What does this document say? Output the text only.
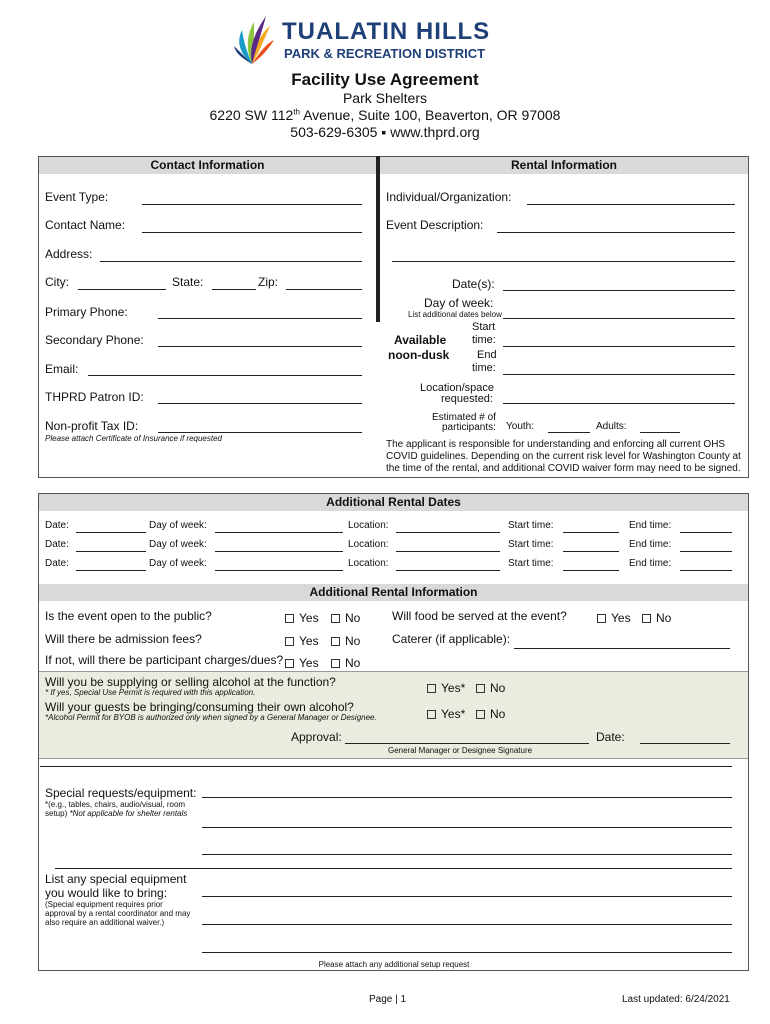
TUALATIN HILLS
PARK & RECREATION DISTRICT
Facility Use Agreement
Park Shelters
6220 SW 112th Avenue, Suite 100, Beaverton, OR 97008
503-629-6305 ▪ www.thprd.org
Contact Information	Rental Information
Event Type:
Contact Name:
Address:
City:	State:	Zip:
Primary Phone:
Secondary Phone:
Email:
THPRD Patron ID:
Non-profit Tax ID:
Please attach Certificate of Insurance if requested
Individual/Organization:
Event Description:
Date(s):
Day of week:
List additional dates below
Available
noon-dusk
Start
time:
End
time:
Location/space
requested:
Estimated # of
participants: Youth:	Adults:
The applicant is responsible for understanding and enforcing all current OHS
COVID guidelines. Depending on the current risk level for Washington County at
the time of the rental, and additional COVID waiver form may need to be signed.
Additional Rental Dates
Date:	Day of week:	Location:	Start time:	End time:
Date:	Day of week:	Location:	Start time:	End time:
Date:	Day of week:	Location:	Start time:	End time:
Additional Rental Information
Is the event open to the public?	Yes	No	Will food be served at the event?	Yes	No
Will there be admission fees?	Yes	No	Caterer (if applicable):
If not, will there be participant charges/dues?	Yes	No
Will you be supplying or selling alcohol at the function?
* If yes, Special Use Permit is required with this application.	Yes*	No
Will your guests be bringing/consuming their own alcohol?
*Alcohol Permit for BYOB is authorized only when signed by a General Manager or Designee.	Yes*	No
Approval:	Date:
General Manager or Designee Signature
Special requests/equipment:
*(e.g., tables, chairs, audio/visual, room
setup) *Not applicable for shelter rentals
List any special equipment
you would like to bring:
(Special equipment requires prior
approval by a rental coordinator and may
also require an additional waiver.)
Please attach any additional setup request
Page | 1	Last updated: 6/24/2021
